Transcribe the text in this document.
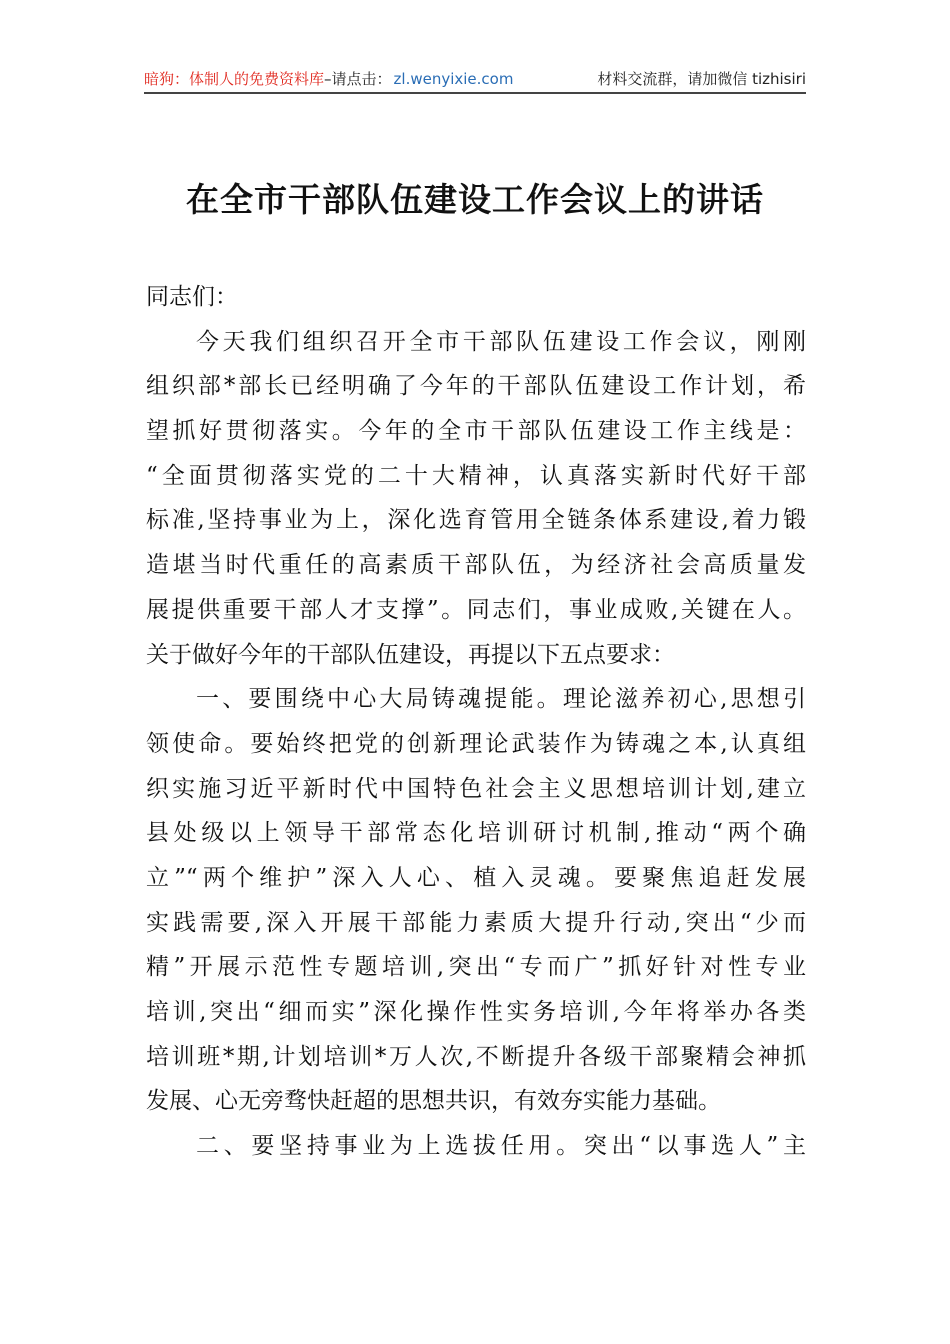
暗狗：体制人的免费资料库 –请点击： zl.wenyixie.com	材料交流群，请加微信 tizhisiri
在全市干部队伍建设工作会议上的讲话
同志们：
今天我们组织召开全市干部队伍建设工作会议，刚刚
组织部*部长已经明确了今年的干部队伍建设工作计划，希
望抓好贯彻落实。今年的全市干部队伍建设工作主线是：
“全面贯彻落实党的二十大精神，认真落实新时代好干部
标准,坚持事业为上，深化选育管用全链条体系建设,着力锻
造堪当时代重任的高素质干部队伍，为经济社会高质量发
展提供重要干部人才支撑”。同志们，事业成败,关键在人。
关于做好今年的干部队伍建设，再提以下五点要求：
一、要围绕中心大局铸魂提能。理论滋养初心,思想引
领使命。要始终把党的创新理论武装作为铸魂之本,认真组
织实施习近平新时代中国特色社会主义思想培训计划,建立
县处级以上领导干部常态化培训研讨机制,推动“两个确
立”“两个维护”深入人心、植入灵魂。要聚焦追赶发展
实践需要,深入开展干部能力素质大提升行动,突出“少而
精”开展示范性专题培训,突出“专而广”抓好针对性专业
培训,突出“细而实”深化操作性实务培训,今年将举办各类
培训班*期,计划培训*万人次,不断提升各级干部聚精会神抓
发展、心无旁骛快赶超的思想共识，有效夯实能力基础。
二、要坚持事业为上选拔任用。突出“以事选人”主
